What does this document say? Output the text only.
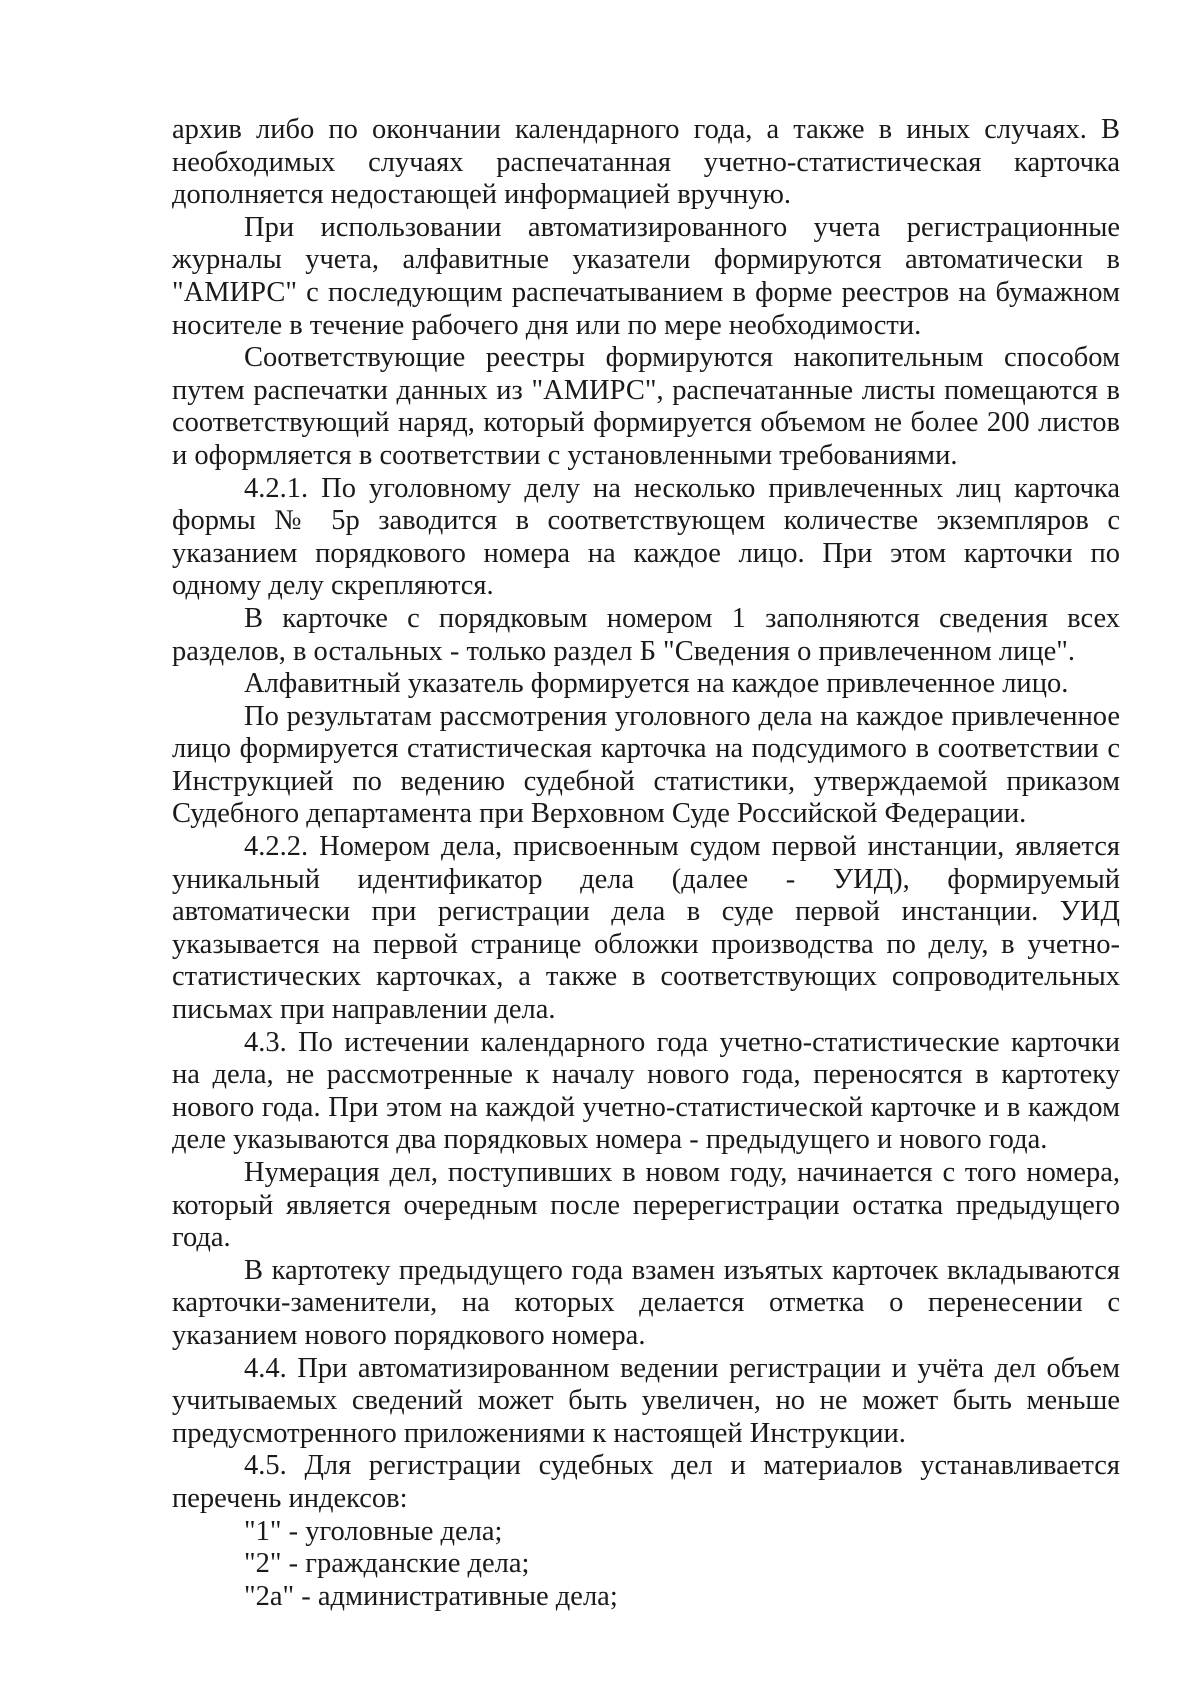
архив либо по окончании календарного года, а также в иных случаях. В необходимых случаях распечатанная учетно-статистическая карточка дополняется недостающей информацией вручную.

При использовании автоматизированного учета регистрационные журналы учета, алфавитные указатели формируются автоматически в "АМИРС" с последующим распечатыванием в форме реестров на бумажном носителе в течение рабочего дня или по мере необходимости.

Соответствующие реестры формируются накопительным способом путем распечатки данных из "АМИРС", распечатанные листы помещаются в соответствующий наряд, который формируется объемом не более 200 листов и оформляется в соответствии с установленными требованиями.

4.2.1. По уголовному делу на несколько привлеченных лиц карточка формы № 5р заводится в соответствующем количестве экземпляров с указанием порядкового номера на каждое лицо. При этом карточки по одному делу скрепляются.

В карточке с порядковым номером 1 заполняются сведения всех разделов, в остальных - только раздел Б "Сведения о привлеченном лице".

Алфавитный указатель формируется на каждое привлеченное лицо.

По результатам рассмотрения уголовного дела на каждое привлеченное лицо формируется статистическая карточка на подсудимого в соответствии с Инструкцией по ведению судебной статистики, утверждаемой приказом Судебного департамента при Верховном Суде Российской Федерации.

4.2.2. Номером дела, присвоенным судом первой инстанции, является уникальный идентификатор дела (далее - УИД), формируемый автоматически при регистрации дела в суде первой инстанции. УИД указывается на первой странице обложки производства по делу, в учетно-статистических карточках, а также в соответствующих сопроводительных письмах при направлении дела.

4.3. По истечении календарного года учетно-статистические карточки на дела, не рассмотренные к началу нового года, переносятся в картотеку нового года. При этом на каждой учетно-статистической карточке и в каждом деле указываются два порядковых номера - предыдущего и нового года.

Нумерация дел, поступивших в новом году, начинается с того номера, который является очередным после перерегистрации остатка предыдущего года.

В картотеку предыдущего года взамен изъятых карточек вкладываются карточки-заменители, на которых делается отметка о перенесении с указанием нового порядкового номера.

4.4. При автоматизированном ведении регистрации и учёта дел объем учитываемых сведений может быть увеличен, но не может быть меньше предусмотренного приложениями к настоящей Инструкции.

4.5. Для регистрации судебных дел и материалов устанавливается перечень индексов:

"1" - уголовные дела;

"2" - гражданские дела;

"2а" - административные дела;
